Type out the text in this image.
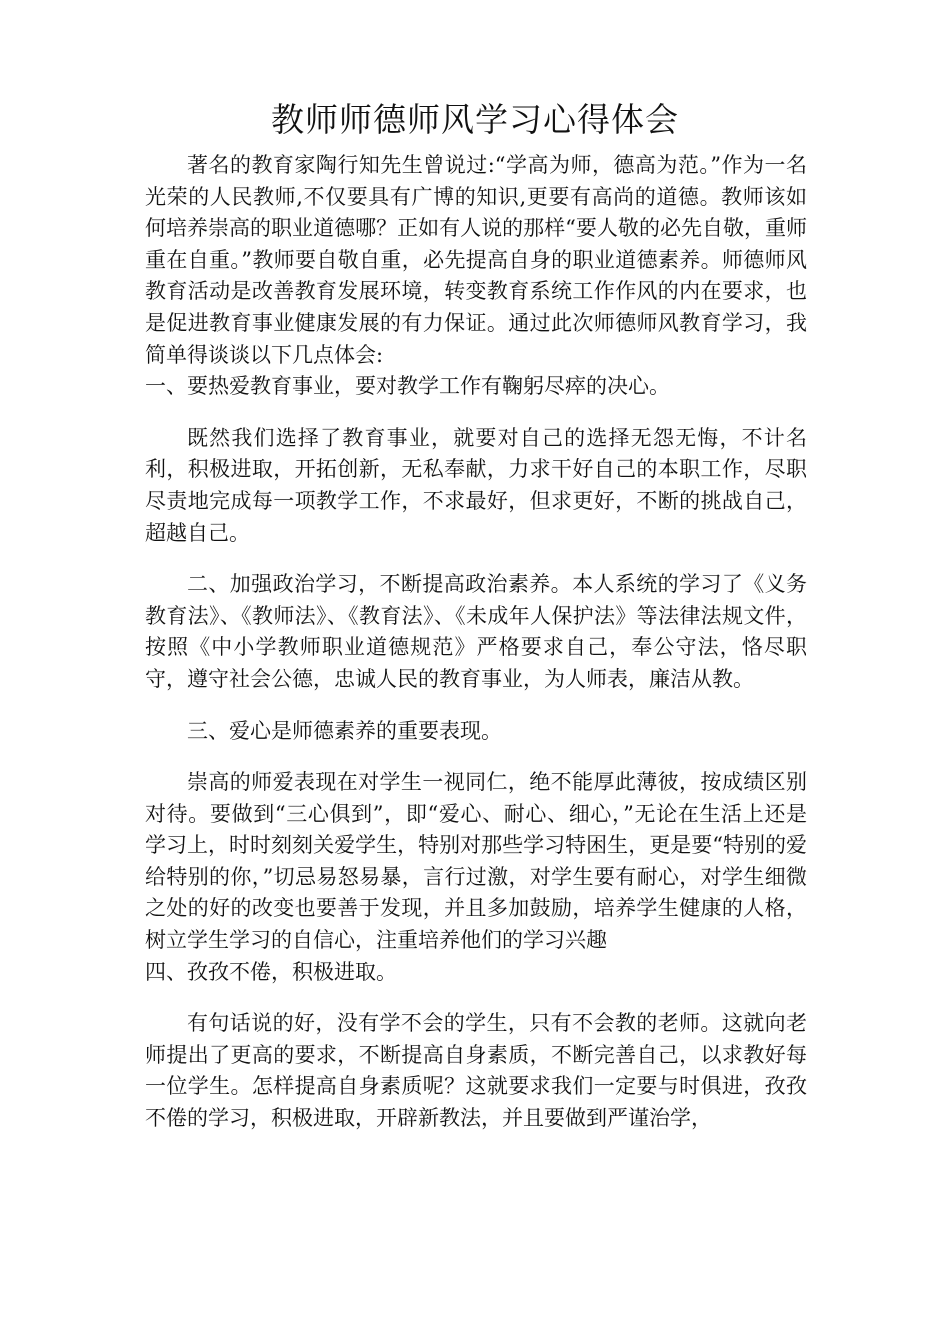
教师师德师风学习心得体会

著名的教育家陶行知先生曾说过:“学高为师，德高为范。”作为一名光荣的人民教师,不仅要具有广博的知识,更要有高尚的道德。教师该如何培养崇高的职业道德哪？正如有人说的那样“要人敬的必先自敬，重师重在自重。”教师要自敬自重，必先提高自身的职业道德素养。师德师风教育活动是改善教育发展环境，转变教育系统工作作风的内在要求，也是促进教育事业健康发展的有力保证。通过此次师德师风教育学习，我简单得谈谈以下几点体会:

一、要热爱教育事业，要对教学工作有鞠躬尽瘁的决心。

既然我们选择了教育事业，就要对自己的选择无怨无悔，不计名利，积极进取，开拓创新，无私奉献，力求干好自己的本职工作，尽职尽责地完成每一项教学工作，不求最好，但求更好，不断的挑战自己，超越自己。

二、加强政治学习，不断提高政治素养。本人系统的学习了《义务教育法》、《教师法》、《教育法》、《未成年人保护法》等法律法规文件，按照《中小学教师职业道德规范》严格要求自己，奉公守法，恪尽职守，遵守社会公德，忠诚人民的教育事业，为人师表，廉洁从教。

三、爱心是师德素养的重要表现。

崇高的师爱表现在对学生一视同仁，绝不能厚此薄彼，按成绩区别对待。要做到“三心俱到”，即“爱心、耐心、细心，”无论在生活上还是学习上，时时刻刻关爱学生，特别对那些学习特困生，更是要“特别的爱给特别的你，”切忌易怒易暴，言行过激，对学生要有耐心，对学生细微之处的好的改变也要善于发现，并且多加鼓励，培养学生健康的人格，树立学生学习的自信心，注重培养他们的学习兴趣

四、孜孜不倦，积极进取。

有句话说的好，没有学不会的学生，只有不会教的老师。这就向老师提出了更高的要求，不断提高自身素质，不断完善自己，以求教好每一位学生。怎样提高自身素质呢？这就要求我们一定要与时俱进，孜孜不倦的学习，积极进取，开辟新教法，并且要做到严谨治学，
